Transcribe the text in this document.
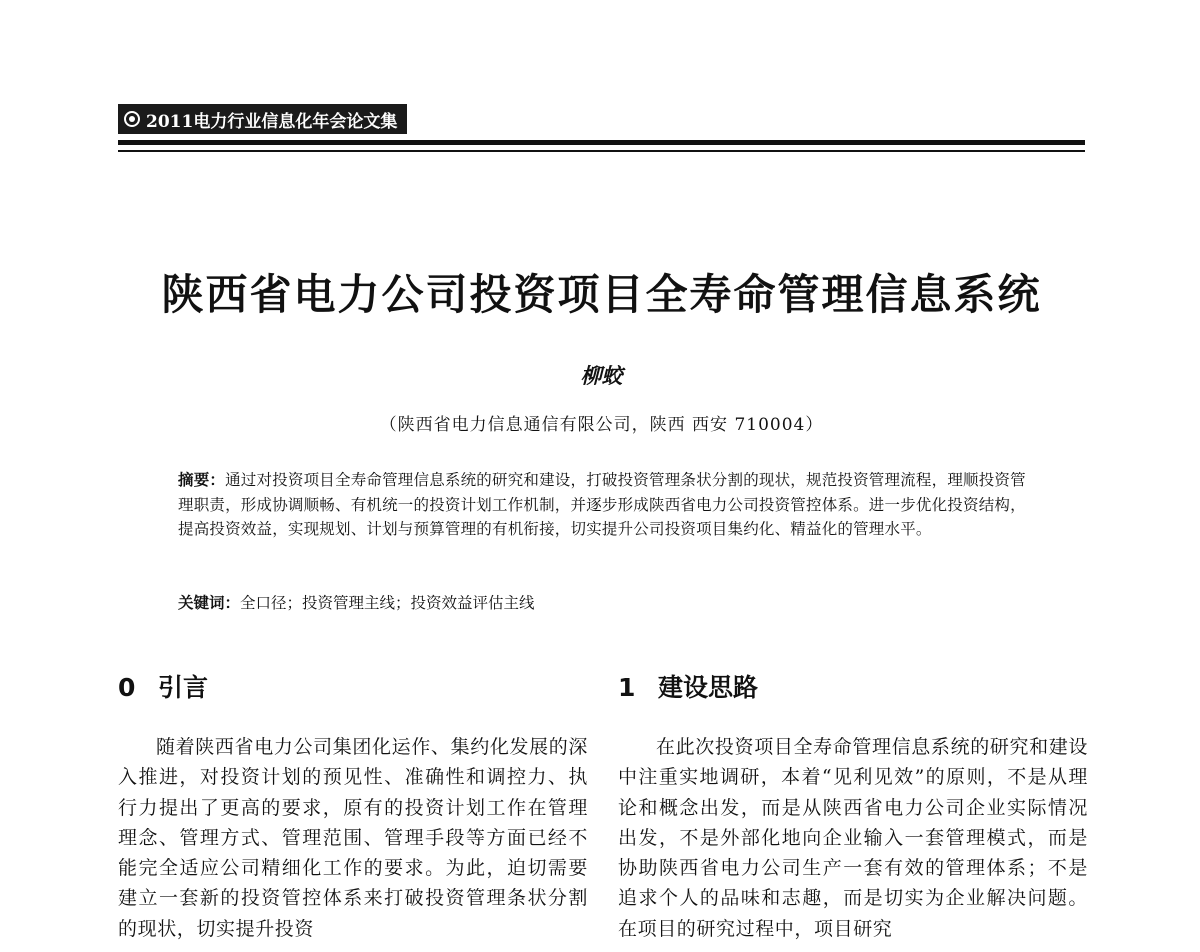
2011电力行业信息化年会论文集
陕西省电力公司投资项目全寿命管理信息系统
柳蛟
（陕西省电力信息通信有限公司，陕西 西安 710004）
摘要：通过对投资项目全寿命管理信息系统的研究和建设，打破投资管理条状分割的现状，规范投资管理流程，理顺投资管理职责，形成协调顺畅、有机统一的投资计划工作机制，并逐步形成陕西省电力公司投资管控体系。进一步优化投资结构，提高投资效益，实现规划、计划与预算管理的有机衔接，切实提升公司投资项目集约化、精益化的管理水平。
关键词：全口径；投资管理主线；投资效益评估主线
0 引言

随着陕西省电力公司集团化运作、集约化发展的深入推进，对投资计划的预见性、准确性和调控力、执行力提出了更高的要求，原有的投资计划工作在管理理念、管理方式、管理范围、管理手段等方面已经不能完全适应公司精细化工作的要求。为此，迫切需要建立一套新的投资管控体系来打破投资管理条状分割的现状，切实提升投资

1 建设思路

在此次投资项目全寿命管理信息系统的研究和建设中注重实地调研，本着“见利见效”的原则，不是从理论和概念出发，而是从陕西省电力公司企业实际情况出发，不是外部化地向企业输入一套管理模式，而是协助陕西省电力公司生产一套有效的管理体系；不是追求个人的品味和志趣，而是切实为企业解决问题。在项目的研究过程中，项目研究
